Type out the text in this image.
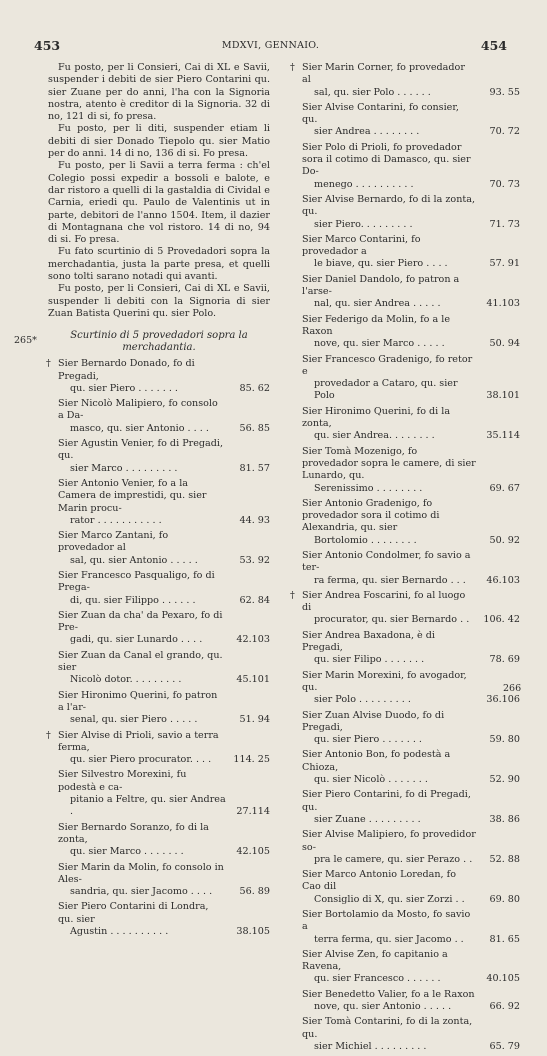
453	MDXVI, GENNAIO.	454
265*
266

Fu posto, per li Consieri, Cai di XL e Savii, suspender i debiti de sier Piero Contarini qu. sier Zuane per do anni, l'ha con la Signoria nostra, atento è creditor di la Signoria. 32 di no, 121 di si, fo presa.

Fu posto, per li diti, suspender etiam li debiti di sier Donado Tiepolo qu. sier Matio per do anni. 14 di no, 136 di si. Fo presa.

Fu posto, per li Savii a terra ferma : ch'el Colegio possi expedir a bossoli e balote, e dar ristoro a quelli di la gastaldia di Cividal e Carnia, eriedi qu. Paulo de Valentinis ut in parte, debitori de l'anno 1504. Item, il dazier di Montagnana che vol ristoro. 14 di no, 94 di si. Fo presa.

Fu fato scurtinio di 5 Provedadori sopra la merchadantia, justa la parte presa, et quelli sono tolti sarano notadi qui avanti.

Fu posto, per li Consieri, Cai di XL e Savii, suspender li debiti con la Signoria di sier Zuan Batista Querini qu. sier Polo.

Scurtinio di 5 provedadori sopra la
merchadantia.
† Sier Bernardo Donado, fo di Pregadi,
qu. sier Piero . . . . . . .	85. 62
Sier Nicolò Malipiero, fo consolo a Da-
masco, qu. sier Antonio . . . .	56. 85
Sier Agustin Venier, fo di Pregadi, qu.
sier Marco . . . . . . . . .	81. 57
Sier Antonio Venier, fo a la Camera de imprestidi, qu. sier Marin procu-
rator . . . . . . . . . . .	44. 93
Sier Marco Zantani, fo provedador al
sal, qu. sier Antonio . . . . .	53. 92
Sier Francesco Pasqualigo, fo di Prega-
di, qu. sier Filippo . . . . . .	62. 84
Sier Zuan da cha' da Pexaro, fo di Pre-
gadi, qu. sier Lunardo . . . .	42.103
Sier Zuan da Canal el grando, qu. sier
Nicolò dotor. . . . . . . . .	45.101
Sier Hironimo Querini, fo patron a l'ar-
senal, qu. sier Piero . . . . .	51. 94
† Sier Alvise di Prioli, savio a terra ferma,
qu. sier Piero procurator. . . .	114. 25
Sier Silvestro Morexini, fu podestà e ca-
pitanio a Feltre, qu. sier Andrea .	27.114
Sier Bernardo Soranzo, fo di la zonta,
qu. sier Marco . . . . . . .	42.105
Sier Marin da Molin, fo consolo in Ales-
sandria, qu. sier Jacomo . . . .	56. 89
Sier Piero Contarini di Londra, qu. sier
Agustin . . . . . . . . . .	38.105
† Sier Marin Corner, fo provedador al
sal, qu. sier Polo . . . . . .	93. 55
Sier Alvise Contarini, fo consier, qu.
sier Andrea . . . . . . . .	70. 72
Sier Polo di Prioli, fo provedador sora il cotimo di Damasco, qu. sier Do-
menego . . . . . . . . . .	70. 73
Sier Alvise Bernardo, fo di la zonta, qu.
sier Piero. . . . . . . . .	71. 73
Sier Marco Contarini, fo provedador a
le biave, qu. sier Piero . . . .	57. 91
Sier Daniel Dandolo, fo patron a l'arse-
nal, qu. sier Andrea . . . . .	41.103
Sier Federigo da Molin, fo a le Raxon
nove, qu. sier Marco . . . . .	50. 94
Sier Francesco Gradenigo, fo retor e
provedador a Cataro, qu. sier Polo	38.101
Sier Hironimo Querini, fo di la zonta,
qu. sier Andrea. . . . . . . .	35.114
Sier Tomà Mozenigo, fo provedador sopra le camere, di sier Lunardo, qu.
Serenissimo . . . . . . . .	69. 67
Sier Antonio Gradenigo, fo provedador sora il cotimo di Alexandria, qu. sier
Bortolomio . . . . . . . .	50. 92
Sier Antonio Condolmer, fo savio a ter-
ra ferma, qu. sier Bernardo . . .	46.103
† Sier Andrea Foscarini, fo al luogo di
procurator, qu. sier Bernardo . .	106. 42
Sier Andrea Baxadona, è di Pregadi,
qu. sier Filipo . . . . . . .	78. 69
Sier Marin Morexini, fo avogador, qu.
sier Polo . . . . . . . . .	36.106
Sier Zuan Alvise Duodo, fo di Pregadi,
qu. sier Piero . . . . . . .	59. 80
Sier Antonio Bon, fo podestà a Chioza,
qu. sier Nicolò . . . . . . .	52. 90
Sier Piero Contarini, fo di Pregadi, qu.
sier Zuane . . . . . . . . .	38. 86
Sier Alvise Malipiero, fo provedidor so-
pra le camere, qu. sier Perazo . .	52. 88
Sier Marco Antonio Loredan, fo Cao dil
Consiglio di X, qu. sier Zorzi . .	69. 80
Sier Bortolamio da Mosto, fo savio a
terra ferma, qu. sier Jacomo . .	81. 65
Sier Alvise Zen, fo capitanio a Ravena,
qu. sier Francesco . . . . . .	40.105
Sier Benedetto Valier, fo a le Raxon
nove, qu. sier Antonio . . . . .	66. 92
Sier Tomà Contarini, fo di la zonta, qu.
sier Michiel . . . . . . . . .	65. 79
